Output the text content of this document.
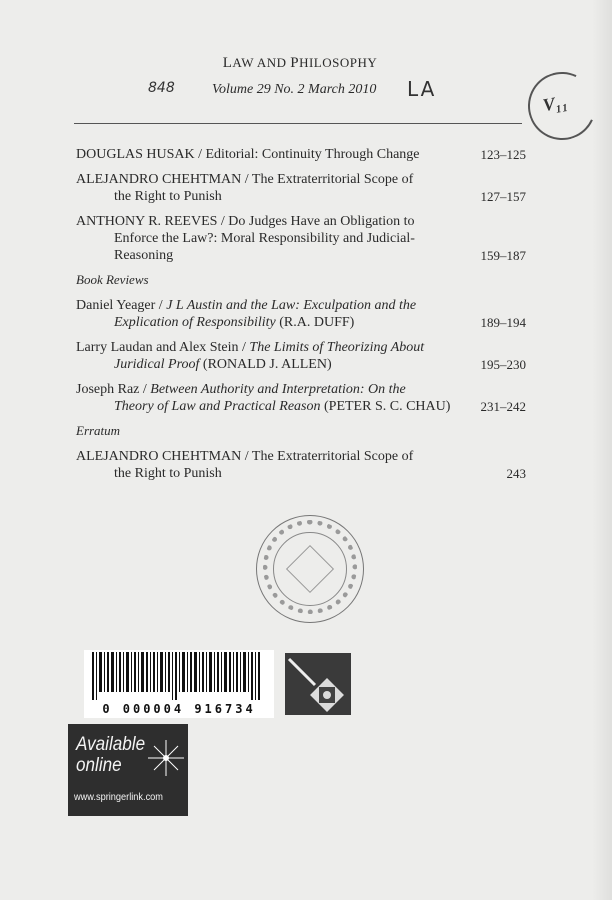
LAW AND PHILOSOPHY
848	Volume 29 No. 2 March 2010 LA
V₁₁
DOUGLAS HUSAK / Editorial: Continuity Through Change	123–125
ALEJANDRO CHEHTMAN / The Extraterritorial Scope of
the Right to Punish	127–157
ANTHONY R. REEVES / Do Judges Have an Obligation to
Enforce the Law?: Moral Responsibility and Judicial-
Reasoning	159–187
Book Reviews
Daniel Yeager / J L Austin and the Law: Exculpation and the
Explication of Responsibility (R.A. DUFF)	189–194
Larry Laudan and Alex Stein / The Limits of Theorizing About
Juridical Proof (RONALD J. ALLEN)	195–230
Joseph Raz / Between Authority and Interpretation: On the
Theory of Law and Practical Reason (PETER S. C. CHAU)	231–242
Erratum
ALEJANDRO CHEHTMAN / The Extraterritorial Scope of
the Right to Punish	243
0 000004 916734
Available
online
www.springerlink.com
